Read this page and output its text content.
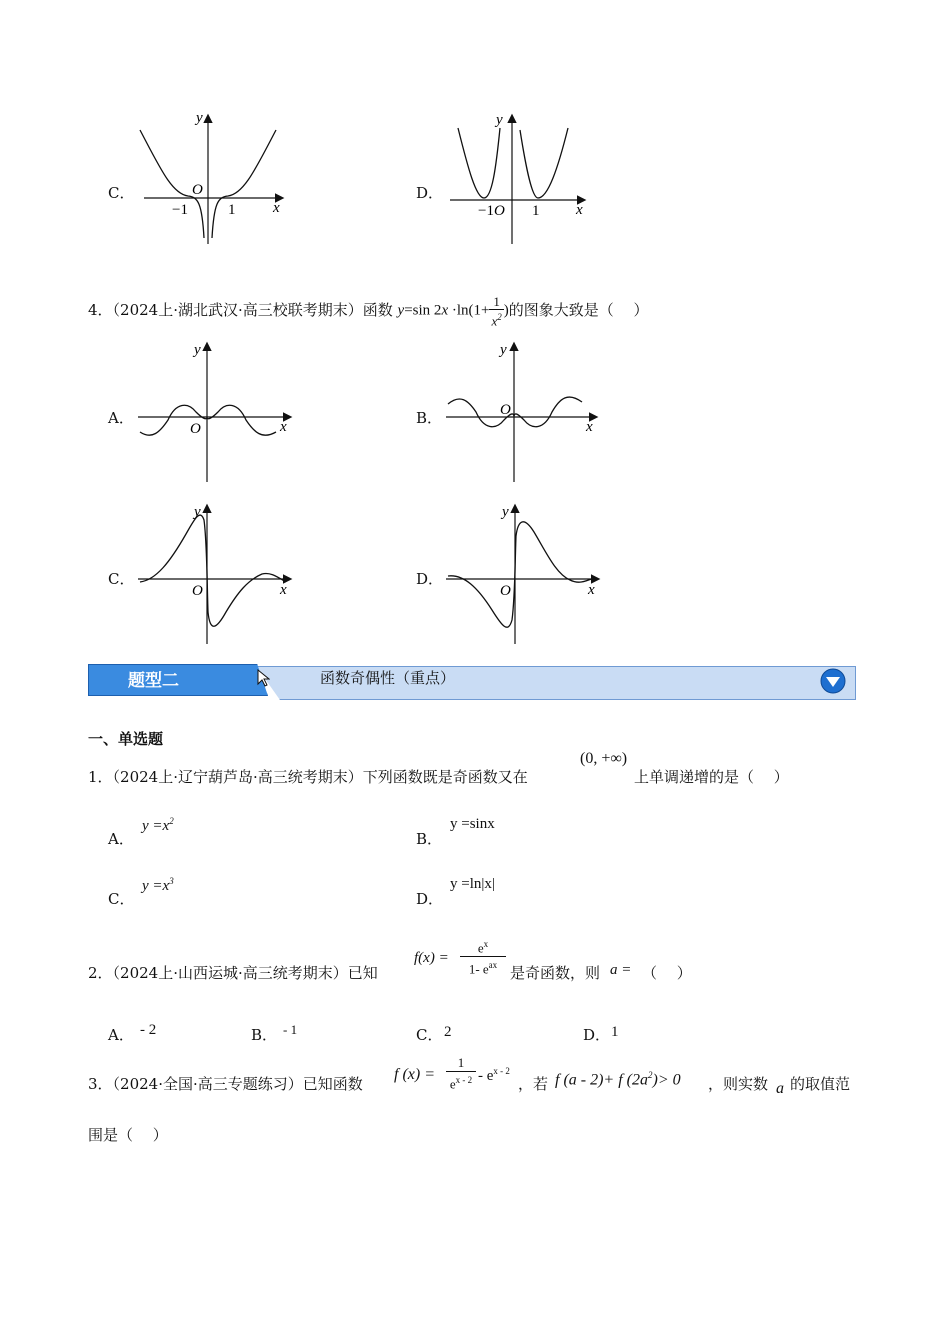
C．
y
x
O
−1	1
D．
y
x
O
−1	1
4．（2024上·湖北武汉·高三校联考期末）函数 y=sin $2x \cdot\ln(1+ \frac{1}{x^2}$ )的图象大致是（　 ）
A．
y
x
O
B．
y
x
O
C．
y
x
O
D．
y
x
O
题型二	函数奇偶性（重点）
一、单选题
1．（2024上·辽宁葫芦岛·高三统考期末）下列函数既是奇函数又在
(0, +∞)
上单调递增的是（　 ）
A．
$y =x^2$
B．
y =sinx
C．
$y =x^3$
D．
y =ln|x|
2．（2024上·山西运城·高三统考期末）已知
f(x) =
$e^x$
1- $e^{ax}$ 是奇函数，则 a = （　 ）
A． - 2	B． - 1	C． 2	D． 1
3．（2024·全国·高三专题练习）已知函数
f $(x) = \frac{1}{e^{x - 2}} - e^{x - 2}$
，若 f (a - 2)+ f $(2a^2)> 0$ ，则实数 a 的取值范
围是（　 ）
